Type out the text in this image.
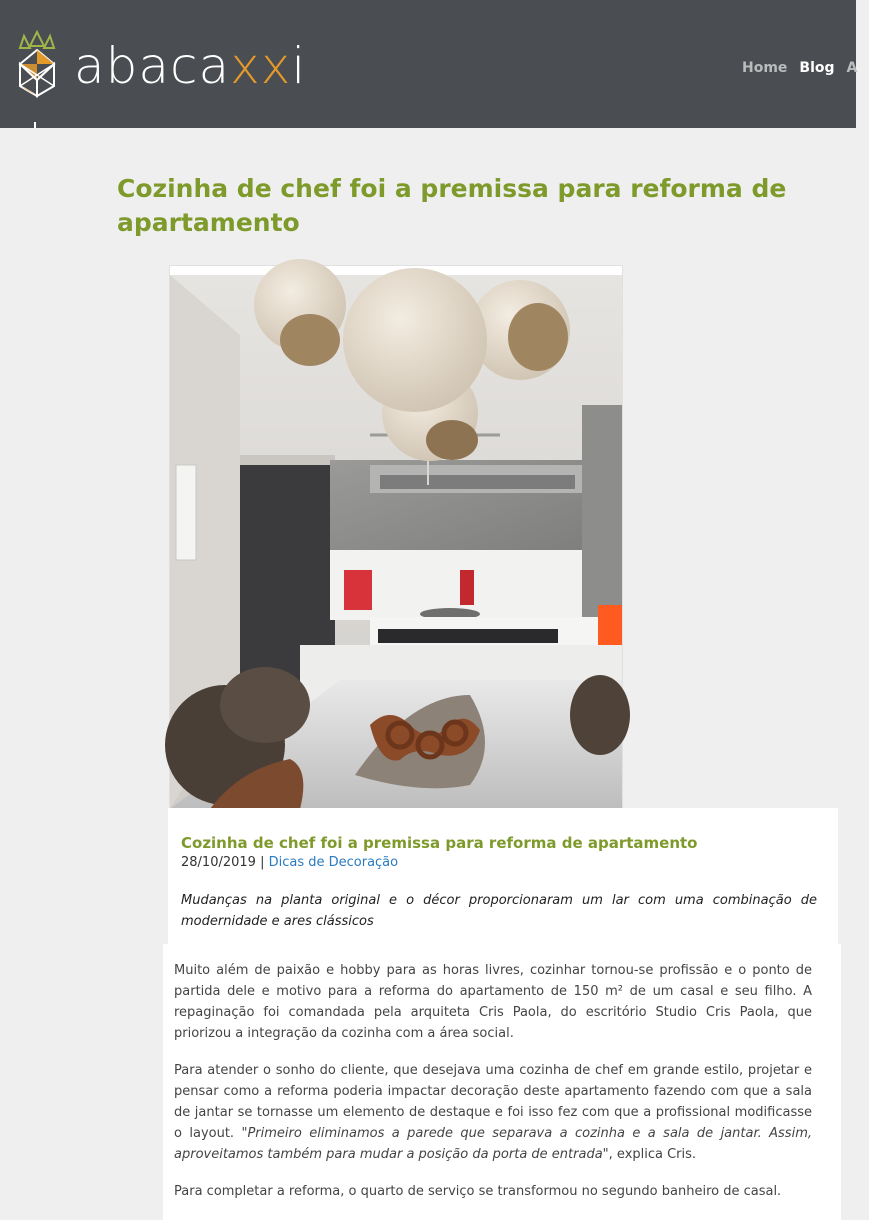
abacaxxi	Home Blog A
Cozinha de chef foi a premissa para reforma de apartamento
Cozinha de chef foi a premissa para reforma de apartamento
28/10/2019 | Dicas de Decoração

Mudanças na planta original e o décor proporcionaram um lar com uma combinação de modernidade e ares clássicos

Muito além de paixão e hobby para as horas livres, cozinhar tornou-se profissão e o ponto de partida dele e motivo para a reforma do apartamento de 150 m² de um casal e seu filho. A repaginação foi comandada pela arquiteta Cris Paola, do escritório Studio Cris Paola, que priorizou a integração da cozinha com a área social.

Para atender o sonho do cliente, que desejava uma cozinha de chef em grande estilo, projetar e pensar como a reforma poderia impactar decoração deste apartamento fazendo com que a sala de jantar se tornasse um elemento de destaque e foi isso fez com que a profissional modificasse o layout. "Primeiro eliminamos a parede que separava a cozinha e a sala de jantar. Assim, aproveitamos também para mudar a posição da porta de entrada", explica Cris.

Para completar a reforma, o quarto de serviço se transformou no segundo banheiro de casal.
